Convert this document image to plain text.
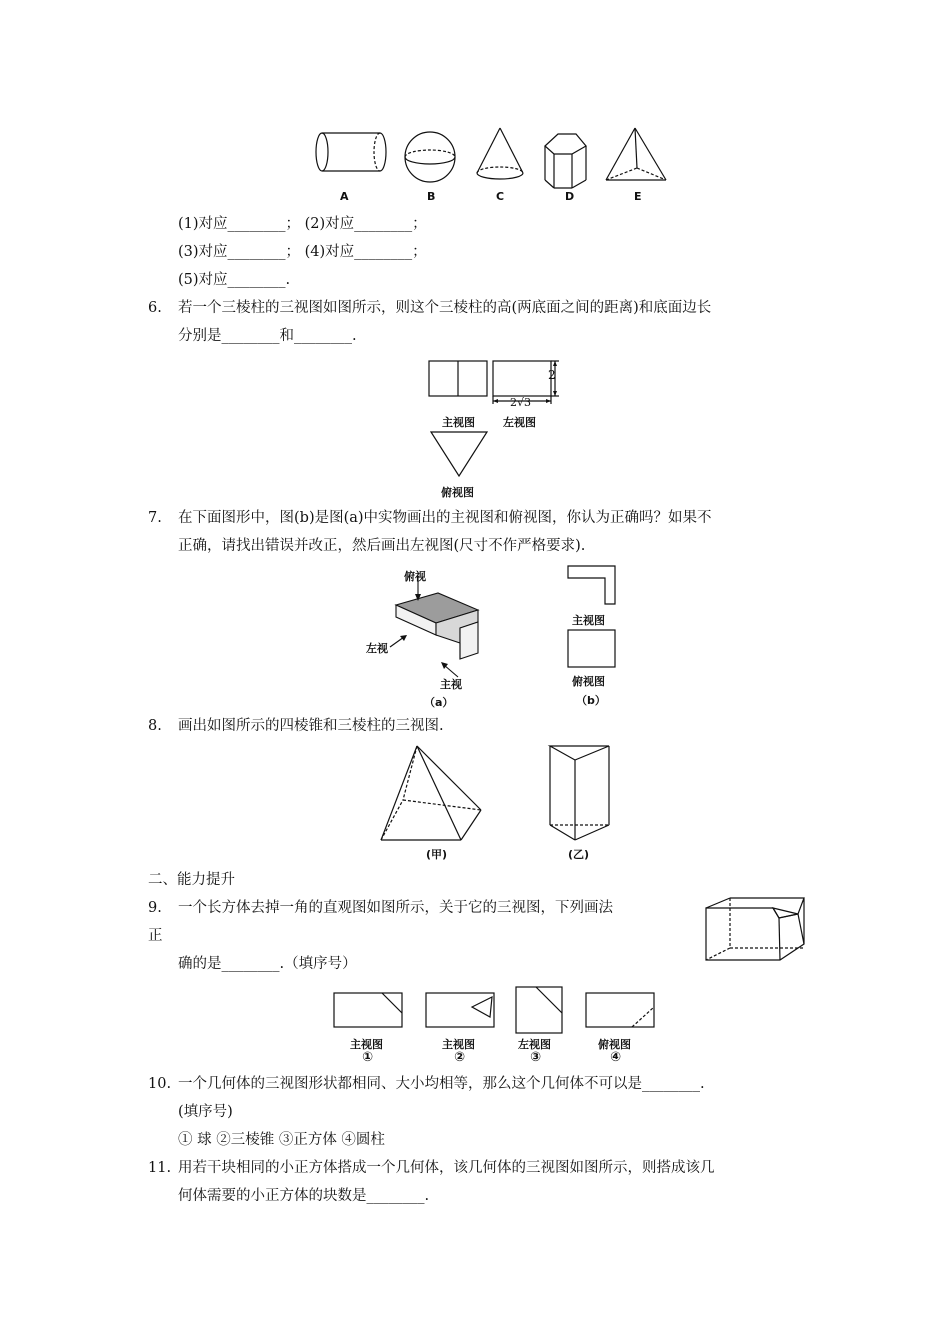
A	B	C	D	E
(1)对应________； (2)对应________；
(3)对应________； (4)对应________；
(5)对应________.
6. 若一个三棱柱的三视图如图所示，则这个三棱柱的高(两底面之间的距离)和底面边长
分别是________和________.
2
2√3
主视图	左视图
俯视图
7. 在下面图形中，图(b)是图(a)中实物画出的主视图和俯视图，你认为正确吗？如果不
正确，请找出错误并改正，然后画出左视图(尺寸不作严格要求).
俯视
左视
主视
（a）
主视图
俯视图
（b）
8. 画出如图所示的四棱锥和三棱柱的三视图.
(甲)	(乙)
二、能力提升
9. 一个长方体去掉一角的直观图如图所示，关于它的三视图，下列画法
正
确的是________.（填序号）
主视图
①
主视图
②
左视图
③
俯视图
④
10. 一个几何体的三视图形状都相同、大小均相等，那么这个几何体不可以是________.
(填序号)
① 球 ②三棱锥 ③正方体 ④圆柱
11. 用若干块相同的小正方体搭成一个几何体，该几何体的三视图如图所示，则搭成该几
何体需要的小正方体的块数是________.
